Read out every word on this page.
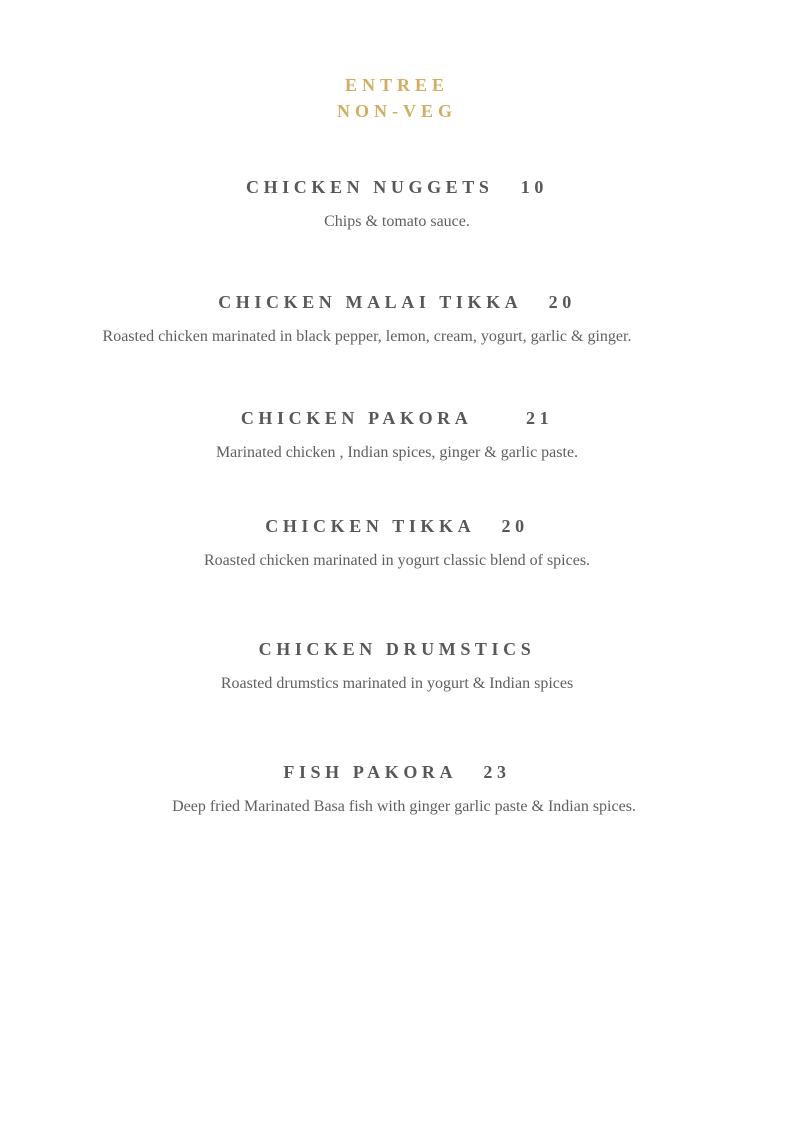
ENTREE
NON-VEG
CHICKEN NUGGETS   10
Chips & tomato sauce.
CHICKEN MALAI TIKKA   20
Roasted chicken marinated in black pepper, lemon, cream, yogurt, garlic & ginger.
CHICKEN PAKORA      21
Marinated chicken , Indian spices, ginger & garlic paste.
CHICKEN TIKKA   20
Roasted chicken marinated in yogurt classic blend of spices.
CHICKEN DRUMSTICS
Roasted drumstics marinated in yogurt & Indian spices
FISH PAKORA   23
Deep fried Marinated Basa fish with ginger garlic paste & Indian spices.
